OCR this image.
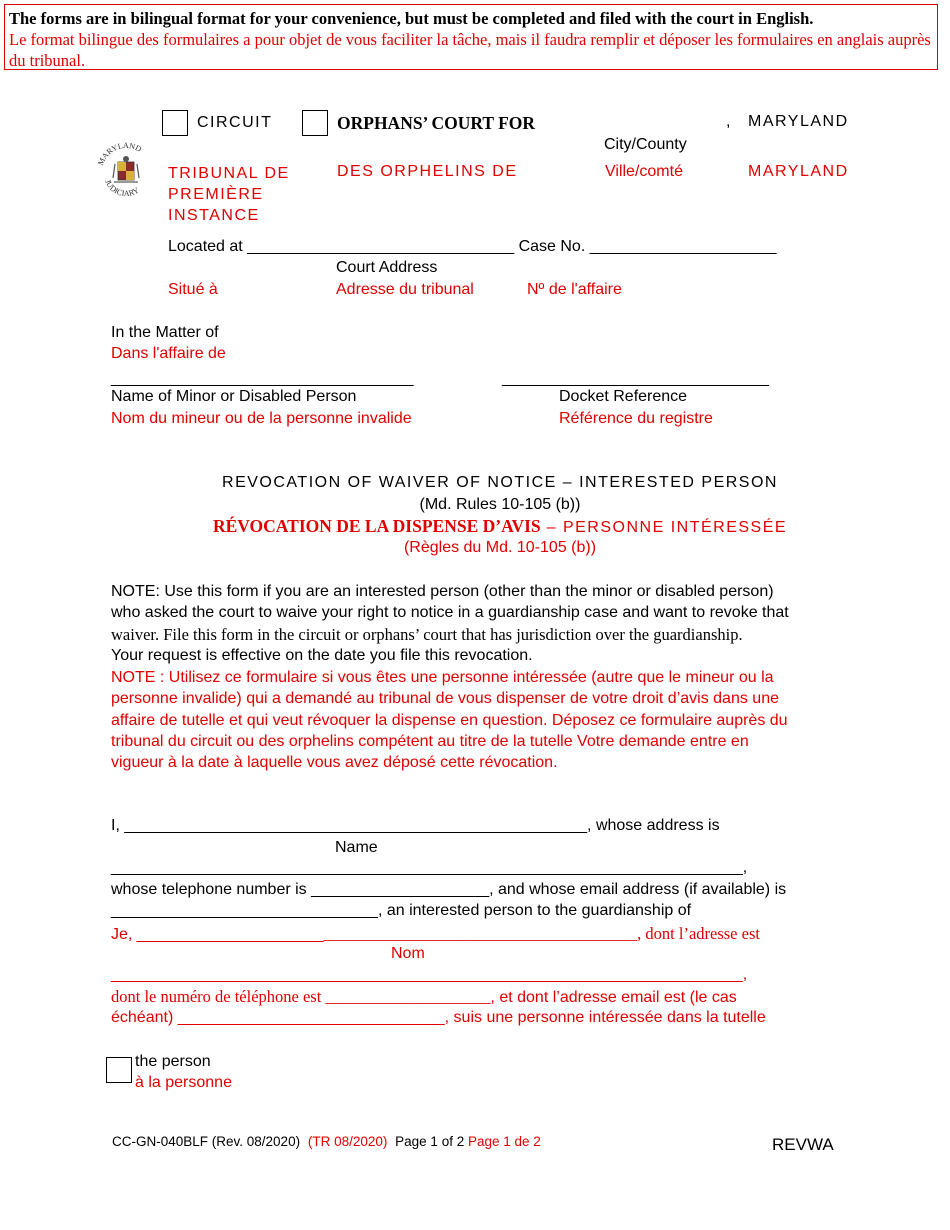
The forms are in bilingual format for your convenience, but must be completed and filed with the court in English.
Le format bilingue des formulaires a pour objet de vous faciliter la tâche, mais il faudra remplir et déposer les formulaires en anglais auprès du tribunal.
MARYLAND
JUDICIARY
CIRCUIT	ORPHANS’ COURT FOR	, MARYLAND
City/County
TRIBUNAL DE PREMIÈRE INSTANCE
DES ORPHELINS DE	Ville/comté	MARYLAND
Located at ______________________________ Case No. _____________________
Court Address
Situé à	Adresse du tribunal	Nº de l'affaire
In the Matter of
Dans l'affaire de
__________________________________	______________________________
Name of Minor or Disabled Person	Docket Reference
Nom du mineur ou de la personne invalide	Référence du registre
REVOCATION OF WAIVER OF NOTICE – INTERESTED PERSON
(Md. Rules 10-105 (b))
RÉVOCATION DE LA DISPENSE D’AVIS – PERSONNE INTÉRESSÉE
(Règles du Md. 10-105 (b))
NOTE: Use this form if you are an interested person (other than the minor or disabled person)
who asked the court to waive your right to notice in a guardianship case and want to revoke that
waiver. File this form in the circuit or orphans’ court that has jurisdiction over the guardianship.
Your request is effective on the date you file this revocation.
NOTE : Utilisez ce formulaire si vous êtes une personne intéressée (autre que le mineur ou la
personne invalide) qui a demandé au tribunal de vous dispenser de votre droit d’avis dans une
affaire de tutelle et qui veut révoquer la dispense en question. Déposez ce formulaire auprès du
tribunal du circuit ou des orphelins compétent au titre de la tutelle Votre demande entre en
vigueur à la date à laquelle vous avez déposé cette révocation.
I, ____________________________________________________, whose address is
Name
_______________________________________________________________________,
whose telephone number is ____________________, and whose email address (if available) is
______________________________, an interested person to the guardianship of
Je, ___________________________________________________________, dont l’adresse est
Nom
_______________________________________________________________________,
dont le numéro de téléphone est ____________________, et dont l’adresse email est (le cas
échéant) ______________________________, suis une personne intéressée dans la tutelle
the person
à la personne
CC-GN-040BLF (Rev. 08/2020) (TR 08/2020) Page 1 of 2 Page 1 de 2	REVWA
